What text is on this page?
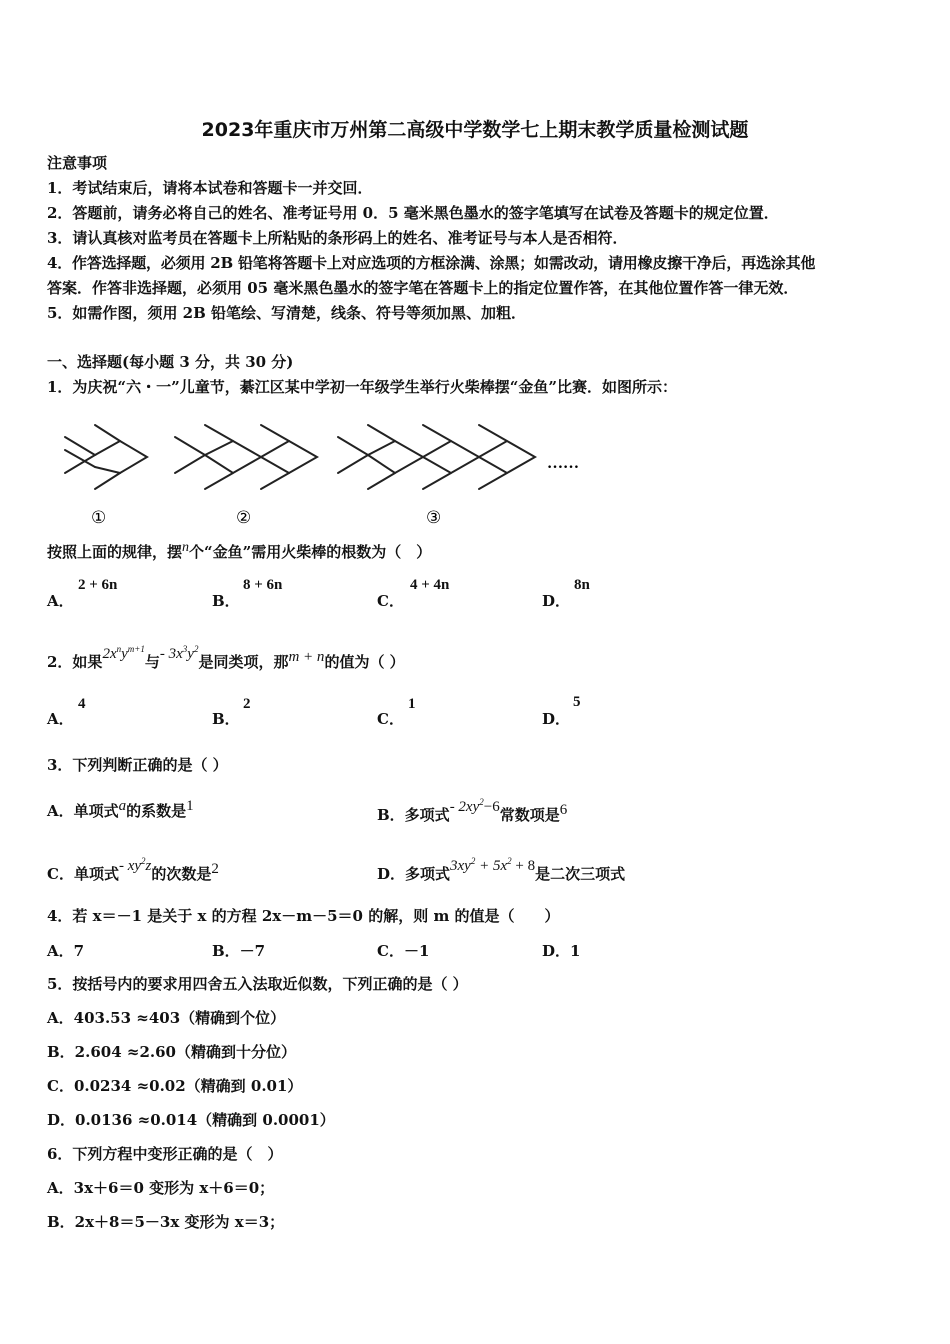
2023年重庆市万州第二高级中学数学七上期末教学质量检测试题
注意事项
1．考试结束后，请将本试卷和答题卡一并交回．
2．答题前，请务必将自己的姓名、准考证号用 0．5 毫米黑色墨水的签字笔填写在试卷及答题卡的规定位置．
3．请认真核对监考员在答题卡上所粘贴的条形码上的姓名、准考证号与本人是否相符．
4．作答选择题，必须用 2B 铅笔将答题卡上对应选项的方框涂满、涂黑；如需改动，请用橡皮擦干净后，再选涂其他
答案．作答非选择题，必须用 05 毫米黑色墨水的签字笔在答题卡上的指定位置作答，在其他位置作答一律无效．
5．如需作图，须用 2B 铅笔绘、写清楚，线条、符号等须加黑、加粗．
一、选择题(每小题 3 分，共 30 分)
1．为庆祝“六・一”儿童节，綦江区某中学初一年级学生举行火柴棒摆“金鱼”比赛．如图所示：
……
①	②	③
按照上面的规律，摆n个“金鱼”需用火柴棒的根数为（　）
A．
2 + 6n
B．
8 + 6n
C．
4 + 4n
D．
8n
2．如果$2x^ny^{m+1}$与- $3x^3y^2$是同类项，那m + n的值为（ ）
A．
4
B．
2
C．
1
D．
5
3．下列判断正确的是（ ）
A．单项式a的系数是1	B．多项式- $2xy^2-6$常数项是6
C．单项式- $xy^2z$的次数是2	D．多项式$3xy^2 + 5x^2 + 8$是二次三项式
4．若 x＝－1 是关于 x 的方程 2x－m－5＝0 的解，则 m 的值是（　　）
A．7	B．－7	C．－1	D．1
5．按括号内的要求用四舍五入法取近似数，下列正确的是（ ）
A．403.53 ≈403（精确到个位）
B．2.604 ≈2.60（精确到十分位）
C．0.0234 ≈0.02（精确到 0.01）
D．0.0136 ≈0.014（精确到 0.0001）
6．下列方程中变形正确的是（　）
A．3x＋6＝0 变形为 x＋6＝0；
B．2x＋8＝5－3x 变形为 x＝3；
